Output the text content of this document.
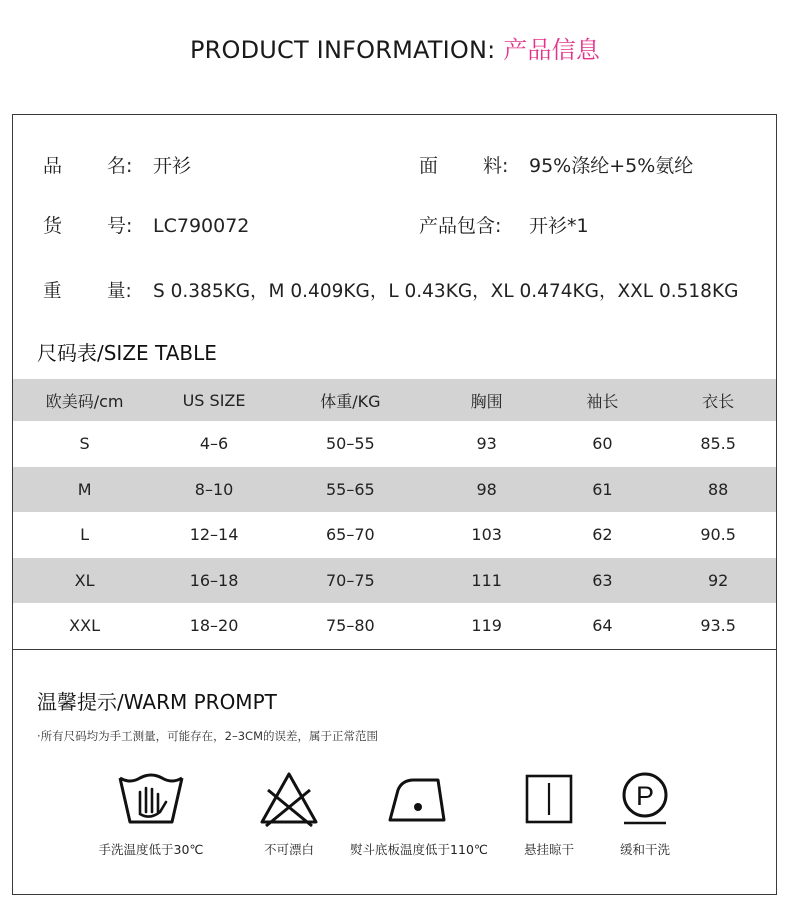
PRODUCT INFORMATION: 产品信息
品 名: 开衫	面 料: 95%涤纶+5%氨纶
货 号: LC790072	产品包含: 开衫*1
重 量: S 0.385KG，M 0.409KG，L 0.43KG，XL 0.474KG，XXL 0.518KG
尺码表/SIZE TABLE
欧美码/cm	US SIZE	体重/KG	胸围	袖长	衣长
S	4–6	50–55	93	60	85.5
M	8–10	55–65	98	61	88
L	12–14	65–70	103	62	90.5
XL	16–18	70–75	111	63	92
XXL	18–20	75–80	119	64	93.5
温馨提示/WARM PROMPT
·所有尺码均为手工测量，可能存在，2–3CM的误差，属于正常范围
手洗温度低于30℃	不可漂白	熨斗底板温度低于110℃	悬挂晾干
P
缓和干洗
